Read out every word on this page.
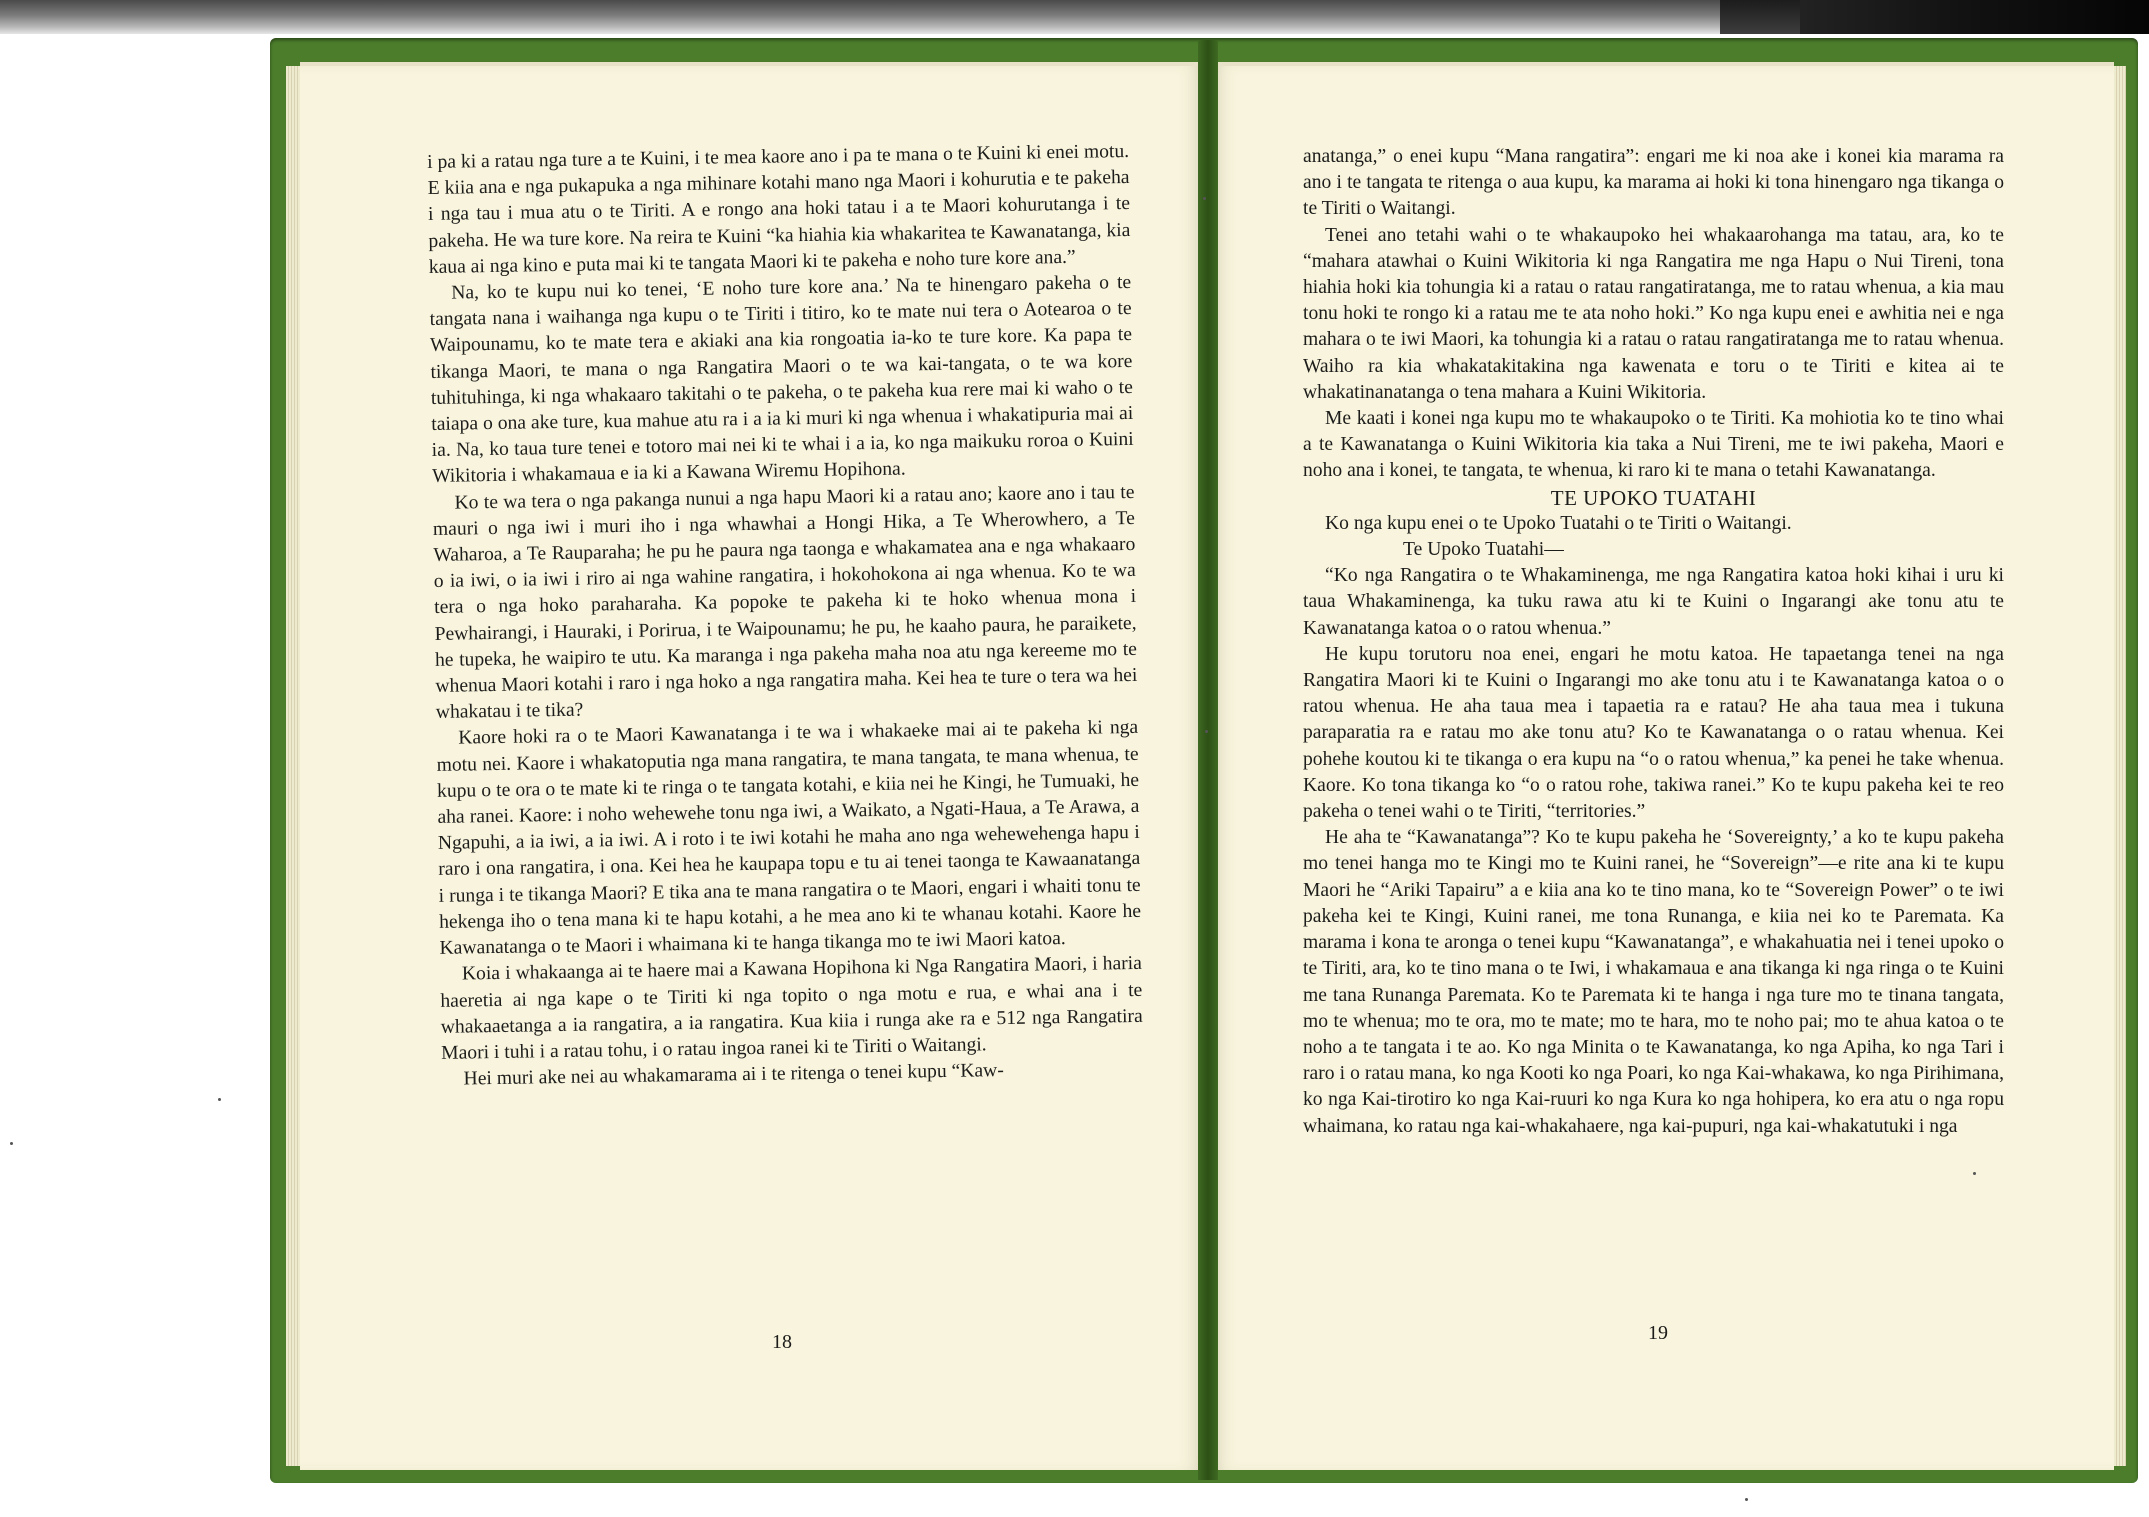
i pa ki a ratau nga ture a te Kuini, i te mea kaore ano i pa te mana o te Kuini ki enei motu. E kiia ana e nga pukapuka a nga mihinare kotahi mano nga Maori i kohurutia e te pakeha i nga tau i mua atu o te Tiriti. A e rongo ana hoki tatau i a te Maori kohurutanga i te pakeha. He wa ture kore. Na reira te Kuini “ka hiahia kia whakaritea te Kawanatanga, kia kaua ai nga kino e puta mai ki te tangata Maori ki te pakeha e noho ture kore ana.”

Na, ko te kupu nui ko tenei, ‘E noho ture kore ana.’ Na te hinengaro pakeha o te tangata nana i waihanga nga kupu o te Tiriti i titiro, ko te mate nui tera o Aotearoa o te Waipounamu, ko te mate tera e akiaki ana kia rongoatia ia-ko te ture kore. Ka papa te tikanga Maori, te mana o nga Rangatira Maori o te wa kai-tangata, o te wa kore tuhituhinga, ki nga whakaaro takitahi o te pakeha, o te pakeha kua rere mai ki waho o te taiapa o ona ake ture, kua mahue atu ra i a ia ki muri ki nga whenua i whakatipuria mai ai ia. Na, ko taua ture tenei e totoro mai nei ki te whai i a ia, ko nga maikuku roroa o Kuini Wikitoria i whakamaua e ia ki a Kawana Wiremu Hopihona.

Ko te wa tera o nga pakanga nunui a nga hapu Maori ki a ratau ano; kaore ano i tau te mauri o nga iwi i muri iho i nga whawhai a Hongi Hika, a Te Wherowhero, a Te Waharoa, a Te Rauparaha; he pu he paura nga taonga e whakamatea ana e nga whakaaro o ia iwi, o ia iwi i riro ai nga wahine rangatira, i hokohokona ai nga whenua. Ko te wa tera o nga hoko paraharaha. Ka popoke te pakeha ki te hoko whenua mona i Pewhairangi, i Hauraki, i Porirua, i te Waipounamu; he pu, he kaaho paura, he paraikete, he tupeka, he waipiro te utu. Ka maranga i nga pakeha maha noa atu nga kereeme mo te whenua Maori kotahi i raro i nga hoko a nga rangatira maha. Kei hea te ture o tera wa hei whakatau i te tika?

Kaore hoki ra o te Maori Kawanatanga i te wa i whakaeke mai ai te pakeha ki nga motu nei. Kaore i whakatoputia nga mana rangatira, te mana tangata, te mana whenua, te kupu o te ora o te mate ki te ringa o te tangata kotahi, e kiia nei he Kingi, he Tumuaki, he aha ranei. Kaore: i noho wehewehe tonu nga iwi, a Waikato, a Ngati-Haua, a Te Arawa, a Ngapuhi, a ia iwi, a ia iwi. A i roto i te iwi kotahi he maha ano nga wehewehenga hapu i raro i ona rangatira, i ona. Kei hea he kaupapa topu e tu ai tenei taonga te Kawaanatanga i runga i te tikanga Maori? E tika ana te mana rangatira o te Maori, engari i whaiti tonu te hekenga iho o tena mana ki te hapu kotahi, a he mea ano ki te whanau kotahi. Kaore he Kawanatanga o te Maori i whaimana ki te hanga tikanga mo te iwi Maori katoa.

Koia i whakaanga ai te haere mai a Kawana Hopihona ki Nga Rangatira Maori, i haria haeretia ai nga kape o te Tiriti ki nga topito o nga motu e rua, e whai ana i te whakaaetanga a ia rangatira, a ia rangatira. Kua kiia i runga ake ra e 512 nga Rangatira Maori i tuhi i a ratau tohu, i o ratau ingoa ranei ki te Tiriti o Waitangi.

Hei muri ake nei au whakamarama ai i te ritenga o tenei kupu “Kaw-

18

anatanga,” o enei kupu “Mana rangatira”: engari me ki noa ake i konei kia marama ra ano i te tangata te ritenga o aua kupu, ka marama ai hoki ki tona hinengaro nga tikanga o te Tiriti o Waitangi.

Tenei ano tetahi wahi o te whakaupoko hei whakaarohanga ma tatau, ara, ko te “mahara atawhai o Kuini Wikitoria ki nga Rangatira me nga Hapu o Nui Tireni, tona hiahia hoki kia tohungia ki a ratau o ratau rangatiratanga, me to ratau whenua, a kia mau tonu hoki te rongo ki a ratau me te ata noho hoki.” Ko nga kupu enei e awhitia nei e nga mahara o te iwi Maori, ka tohungia ki a ratau o ratau rangatiratanga me to ratau whenua. Waiho ra kia whakatakitakina nga kawenata e toru o te Tiriti e kitea ai te whakatinanatanga o tena mahara a Kuini Wikitoria.

Me kaati i konei nga kupu mo te whakaupoko o te Tiriti. Ka mohiotia ko te tino whai a te Kawanatanga o Kuini Wikitoria kia taka a Nui Tireni, me te iwi pakeha, Maori e noho ana i konei, te tangata, te whenua, ki raro ki te mana o tetahi Kawanatanga.

TE UPOKO TUATAHI

Ko nga kupu enei o te Upoko Tuatahi o te Tiriti o Waitangi.

Te Upoko Tuatahi—

“Ko nga Rangatira o te Whakaminenga, me nga Rangatira katoa hoki kihai i uru ki taua Whakaminenga, ka tuku rawa atu ki te Kuini o Ingarangi ake tonu atu te Kawanatanga katoa o o ratou whenua.”

He kupu torutoru noa enei, engari he motu katoa. He tapaetanga tenei na nga Rangatira Maori ki te Kuini o Ingarangi mo ake tonu atu i te Kawanatanga katoa o o ratou whenua. He aha taua mea i tapaetia ra e ratau? He aha taua mea i tukuna paraparatia ra e ratau mo ake tonu atu? Ko te Kawanatanga o o ratau whenua. Kei pohehe koutou ki te tikanga o era kupu na “o o ratou whenua,” ka penei he take whenua. Kaore. Ko tona tikanga ko “o o ratou rohe, takiwa ranei.” Ko te kupu pakeha kei te reo pakeha o tenei wahi o te Tiriti, “territories.”

He aha te “Kawanatanga”? Ko te kupu pakeha he ‘Sovereignty,’ a ko te kupu pakeha mo tenei hanga mo te Kingi mo te Kuini ranei, he “Sovereign”—e rite ana ki te kupu Maori he “Ariki Tapairu” a e kiia ana ko te tino mana, ko te “Sovereign Power” o te iwi pakeha kei te Kingi, Kuini ranei, me tona Runanga, e kiia nei ko te Paremata. Ka marama i kona te aronga o tenei kupu “Kawanatanga”, e whakahuatia nei i tenei upoko o te Tiriti, ara, ko te tino mana o te Iwi, i whakamaua e ana tikanga ki nga ringa o te Kuini me tana Runanga Paremata. Ko te Paremata ki te hanga i nga ture mo te tinana tangata, mo te whenua; mo te ora, mo te mate; mo te hara, mo te noho pai; mo te ahua katoa o te noho a te tangata i te ao. Ko nga Minita o te Kawanatanga, ko nga Apiha, ko nga Tari i raro i o ratau mana, ko nga Kooti ko nga Poari, ko nga Kai-whakawa, ko nga Pirihimana, ko nga Kai-tirotiro ko nga Kai-ruuri ko nga Kura ko nga hohipera, ko era atu o nga ropu whaimana, ko ratau nga kai-whakahaere, nga kai-pupuri, nga kai-whakatutuki i nga

19
